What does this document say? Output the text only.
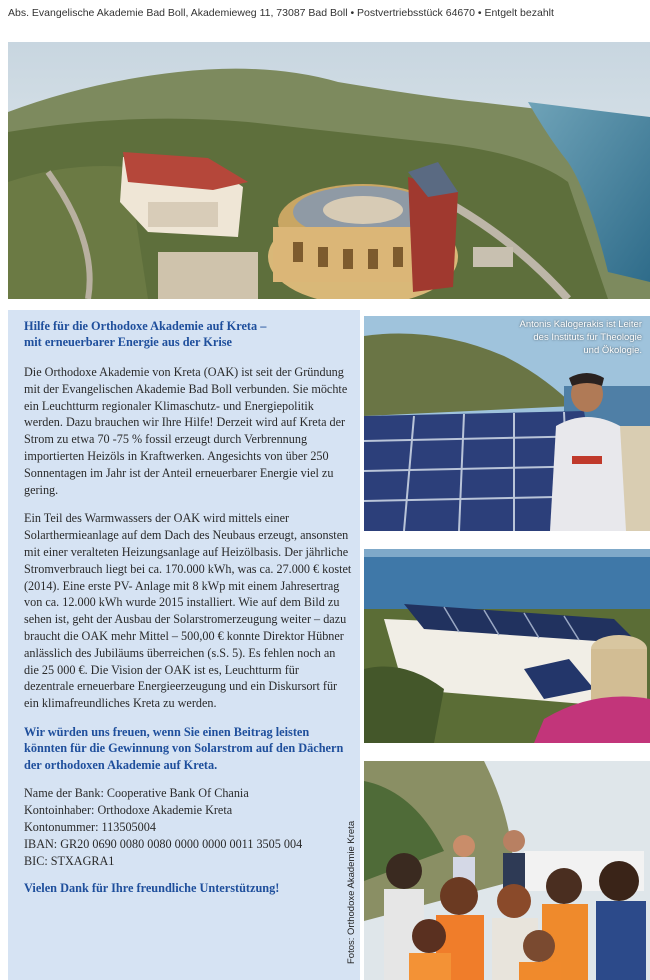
Abs. Evangelische Akademie Bad Boll, Akademieweg 11, 73087 Bad Boll • Postvertriebsstück 64670 • Entgelt bezahlt
Hilfe für die Orthodoxe Akademie auf Kreta –
mit erneuerbarer Energie aus der Krise
Die Orthodoxe Akademie von Kreta (OAK) ist seit der Gründung mit der Evangelischen Akademie Bad Boll verbunden. Sie möchte ein Leuchtturm regionaler Klimaschutz- und Energiepolitik werden. Dazu brauchen wir Ihre Hilfe! Derzeit wird auf Kreta der Strom zu etwa 70 -75 % fossil erzeugt durch Verbrennung importierten Heizöls in Kraftwerken. Angesichts von über 250 Sonnentagen im Jahr ist der Anteil erneuerbarer Energie viel zu gering.
Ein Teil des Warmwassers der OAK wird mittels einer Solarthermieanlage auf dem Dach des Neubaus erzeugt, ansonsten mit einer veralteten Heizungsanlage auf Heizölbasis. Der jährliche Stromverbrauch liegt bei ca. 170.000 kWh, was ca. 27.000 € kostet (2014). Eine erste PV- Anlage mit 8 kWp mit einem Jahresertrag von ca. 12.000 kWh wurde 2015 installiert. Wie auf dem Bild zu sehen ist, geht der Ausbau der Solarstromerzeugung weiter – dazu braucht die OAK mehr Mittel – 500,00 € konnte Direktor Hübner anlässlich des Jubiläums überreichen (s.S. 5). Es fehlen noch an die 25 000 €. Die Vision der OAK ist es, Leuchtturm für dezentrale erneuerbare Energieerzeugung und ein Diskursort für ein klimafreundliches Kreta zu werden.
Wir würden uns freuen, wenn Sie einen Beitrag leisten könnten für die Gewinnung von Solarstrom auf den Dächern der orthodoxen Akademie auf Kreta.
Name der Bank: Cooperative Bank Of Chania
Kontoinhaber: Orthodoxe Akademie Kreta
Kontonummer: 113505004
IBAN: GR20 0690 0080 0080 0000 0000 0011 3505 004
BIC: STXAGRA1
Vielen Dank für Ihre freundliche Unterstützung!
Antonis Kalogerakis ist Leiter
des Instituts für Theologie
und Ökologie.
Fotos: Orthodoxe Akademie Kreta
